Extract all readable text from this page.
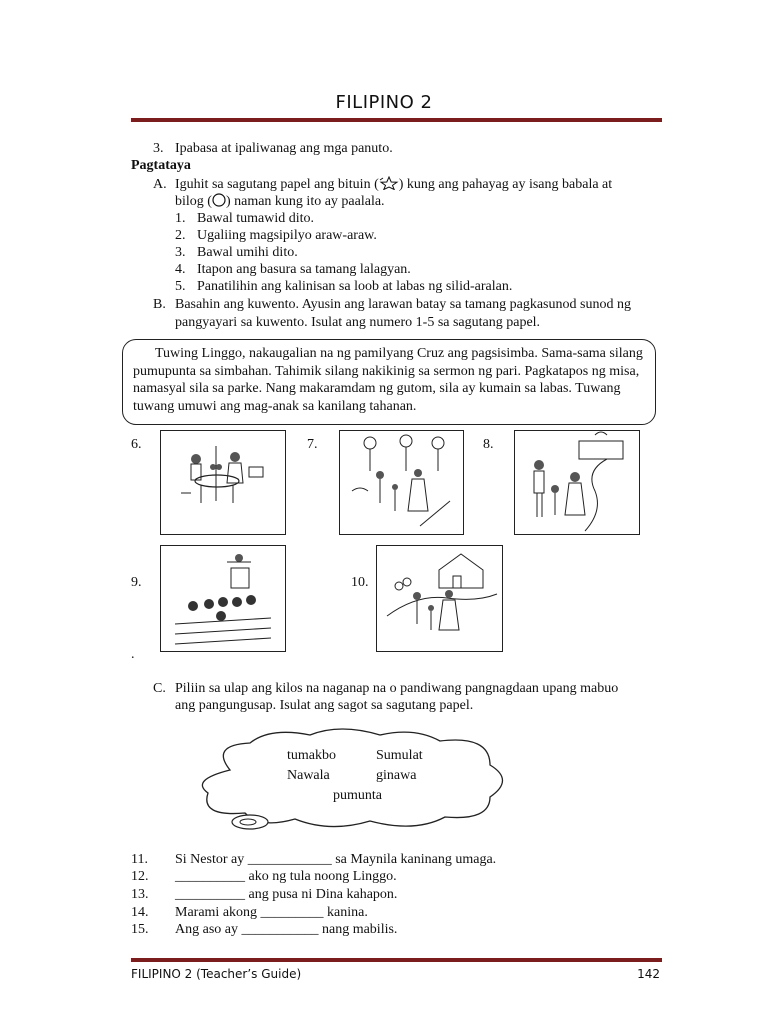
FILIPINO 2
3. Ipabasa at ipaliwanag ang mga panuto.
Pagtataya
A. Iguhit sa sagutang papel ang bituin ( ) kung ang pahayag ay isang babala at
bilog ( ) naman kung ito ay paalala.
1. Bawal tumawid dito.
2. Ugaliing magsipilyo araw-araw.
3. Bawal umihi dito.
4. Itapon ang basura sa tamang lalagyan.
5. Panatilihin ang kalinisan sa loob at labas ng silid-aralan.
B. Basahin ang kuwento. Ayusin ang larawan batay sa tamang pagkasunod sunod ng
pangyayari sa kuwento. Isulat ang numero 1-5 sa sagutang papel.
Tuwing Linggo, nakaugalian na ng pamilyang Cruz ang pagsisimba. Sama-sama silang pumupunta sa simbahan. Tahimik silang nakikinig sa sermon ng pari. Pagkatapos ng misa, namasyal sila sa parke. Nang makaramdam ng gutom, sila ay kumain sa labas. Tuwang tuwang umuwi ang mag-anak sa kanilang tahanan.
6.	7.	8.
9.	10.
.
C. Piliin sa ulap ang kilos na naganap na o pandiwang pangnagdaan upang mabuo
ang pangungusap. Isulat ang sagot sa sagutang papel.
tumakbo	Sumulat
Nawala	ginawa
pumunta
11. Si Nestor ay ____________ sa Maynila kaninang umaga.
12. __________ ako ng tula noong Linggo.
13. __________ ang pusa ni Dina kahapon.
14. Marami akong _________ kanina.
15. Ang aso ay ___________ nang mabilis.
FILIPINO 2 (Teacher’s Guide)	142
